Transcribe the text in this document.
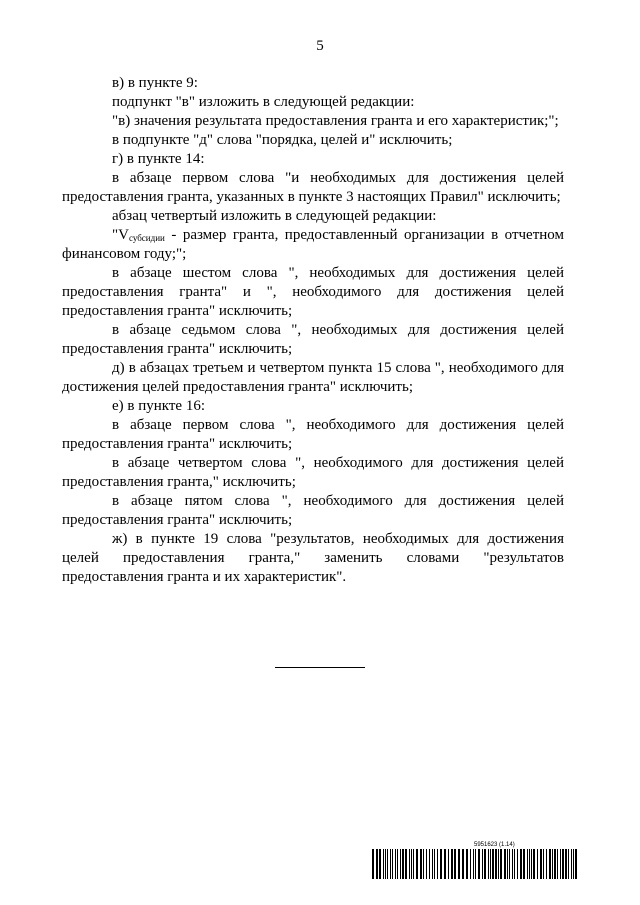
5

в) в пункте 9:

подпункт "в" изложить в следующей редакции:

"в) значения результата предоставления гранта и его характеристик;";

в подпункте "д" слова "порядка, целей и" исключить;

г) в пункте 14:

в абзаце первом слова "и необходимых для достижения целей предоставления гранта, указанных в пункте 3 настоящих Правил" исключить;

абзац четвертый изложить в следующей редакции:

"$V_{субсидии}$ - размер гранта, предоставленный организации в отчетном финансовом году;";

в абзаце шестом слова ", необходимых для достижения целей предоставления гранта" и ", необходимого для достижения целей предоставления гранта" исключить;

в абзаце седьмом слова ", необходимых для достижения целей предоставления гранта" исключить;

д) в абзацах третьем и четвертом пункта 15 слова ", необходимого для достижения целей предоставления гранта" исключить;

е) в пункте 16:

в абзаце первом слова ", необходимого для достижения целей предоставления гранта" исключить;

в абзаце четвертом слова ", необходимого для достижения целей предоставления гранта," исключить;

в абзаце пятом слова ", необходимого для достижения целей предоставления гранта" исключить;

ж) в пункте 19 слова "результатов, необходимых для достижения целей предоставления гранта," заменить словами "результатов предоставления гранта и их характеристик".

5951623 (1.14)
